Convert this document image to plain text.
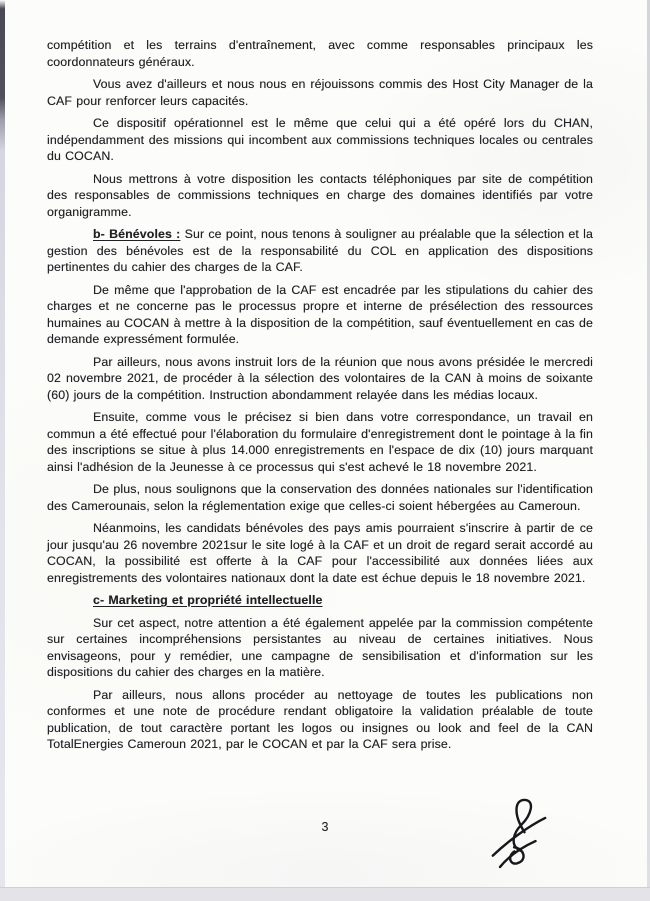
compétition et les terrains d'entraînement, avec comme responsables principaux les coordonnateurs généraux.

Vous avez d'ailleurs et nous nous en réjouissons commis des Host City Manager de la CAF pour renforcer leurs capacités.

Ce dispositif opérationnel est le même que celui qui a été opéré lors du CHAN, indépendamment des missions qui incombent aux commissions techniques locales ou centrales du COCAN.

Nous mettrons à votre disposition les contacts téléphoniques par site de compétition des responsables de commissions techniques en charge des domaines identifiés par votre organigramme.

b- Bénévoles : Sur ce point, nous tenons à souligner au préalable que la sélection et la gestion des bénévoles est de la responsabilité du COL en application des dispositions pertinentes du cahier des charges de la CAF.

De même que l'approbation de la CAF est encadrée par les stipulations du cahier des charges et ne concerne pas le processus propre et interne de présélection des ressources humaines au COCAN à mettre à la disposition de la compétition, sauf éventuellement en cas de demande expressément formulée.

Par ailleurs, nous avons instruit lors de la réunion que nous avons présidée le mercredi 02 novembre 2021, de procéder à la sélection des volontaires de la CAN à moins de soixante (60) jours de la compétition. Instruction abondamment relayée dans les médias locaux.

Ensuite, comme vous le précisez si bien dans votre correspondance, un travail en commun a été effectué pour l'élaboration du formulaire d'enregistrement dont le pointage à la fin des inscriptions se situe à plus 14.000 enregistrements en l'espace de dix (10) jours marquant ainsi l'adhésion de la Jeunesse à ce processus qui s'est achevé le 18 novembre 2021.

De plus, nous soulignons que la conservation des données nationales sur l'identification des Camerounais, selon la réglementation exige que celles-ci soient hébergées au Cameroun.

Néanmoins, les candidats bénévoles des pays amis pourraient s'inscrire à partir de ce jour jusqu'au 26 novembre 2021sur le site logé à la CAF et un droit de regard serait accordé au COCAN, la possibilité est offerte à la CAF pour l'accessibilité aux données liées aux enregistrements des volontaires nationaux dont la date est échue depuis le 18 novembre 2021.

c- Marketing et propriété intellectuelle

Sur cet aspect, notre attention a été également appelée par la commission compétente sur certaines incompréhensions persistantes au niveau de certaines initiatives. Nous envisageons, pour y remédier, une campagne de sensibilisation et d'information sur les dispositions du cahier des charges en la matière.

Par ailleurs, nous allons procéder au nettoyage de toutes les publications non conformes et une note de procédure rendant obligatoire la validation préalable de toute publication, de tout caractère portant les logos ou insignes ou look and feel de la CAN TotalEnergies Cameroun 2021, par le COCAN et par la CAF sera prise.

3
